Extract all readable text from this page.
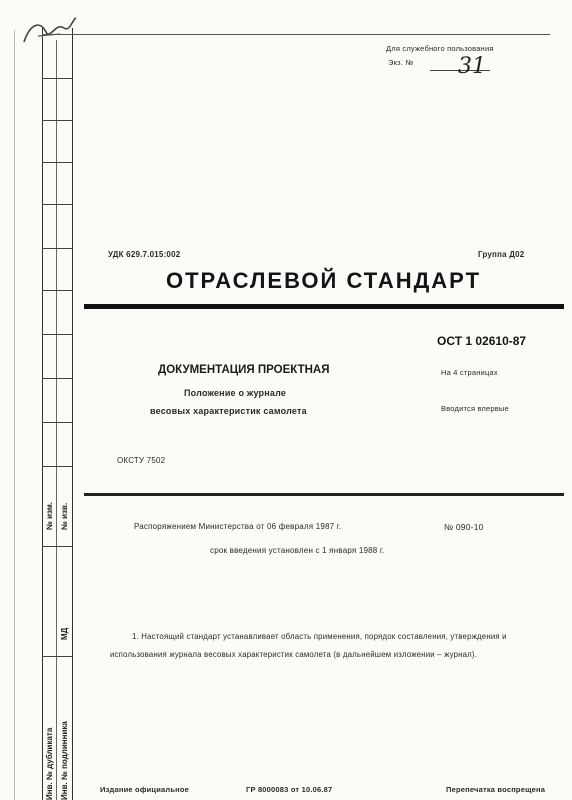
№ изм. № изв.
МД
Инв. № дубликата Инв. № подлинника
Для служебного пользования
Экз. № 31
УДК 629.7.015:002	Группа Д02
ОТРАСЛЕВОЙ СТАНДАРТ
ОСТ 1 02610-87
ДОКУМЕНТАЦИЯ ПРОЕКТНАЯ
Положение о журнале
весовых характеристик самолета
На 4 страницах
Вводится впервые
ОКСТУ 7502
Распоряжением Министерства от 06 февраля 1987 г.	№ 090-10
срок введения установлен с 1 января 1988 г.
1. Настоящий стандарт устанавливает область применения, порядок составления, утверждения и использования журнала весовых характеристик самолета (в дальнейшем изложении – журнал).
Издание официальное	ГР 8000083 от 10.06.87	Перепечатка воспрещена
